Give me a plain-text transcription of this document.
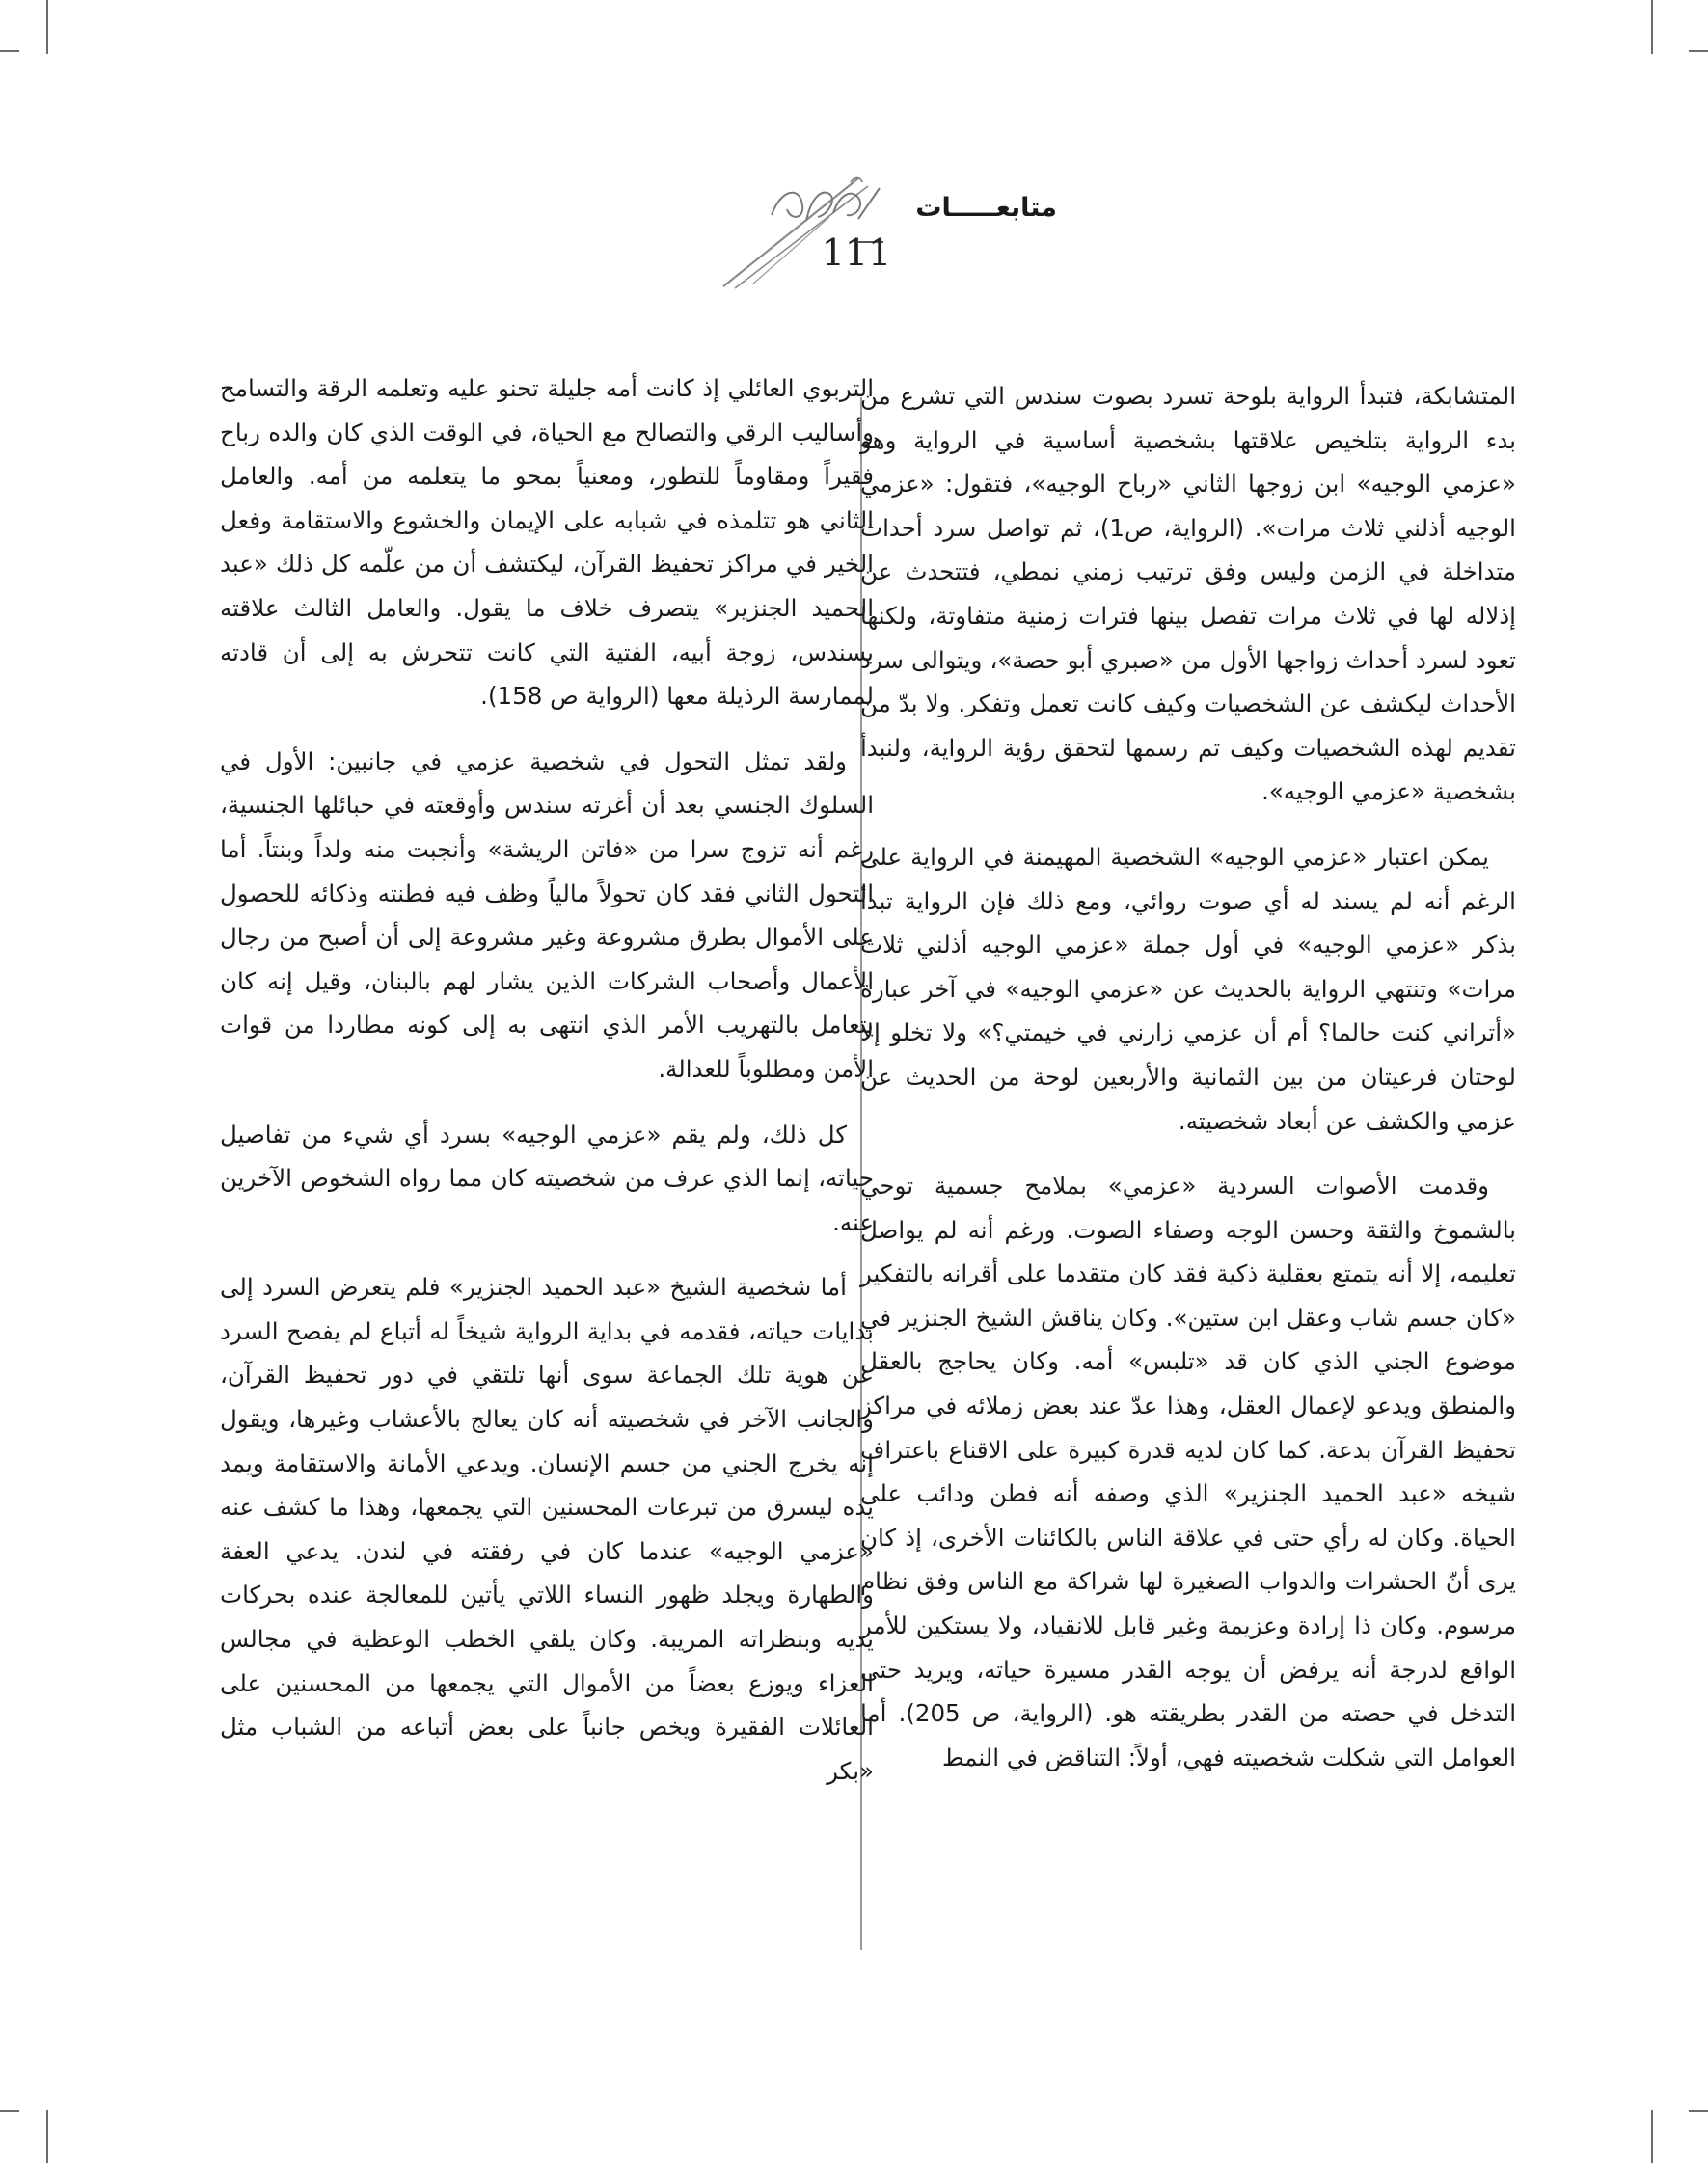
متابعـــــات
111

المتشابكة، فتبدأ الرواية بلوحة تسرد بصوت سندس التي تشرع من بدء الرواية بتلخيص علاقتها بشخصية أساسية في الرواية وهو «عزمي الوجيه» ابن زوجها الثاني «رباح الوجيه»، فتقول: «عزمي الوجيه أذلني ثلاث مرات». (الرواية، ص1)، ثم تواصل سرد أحداث متداخلة في الزمن وليس وفق ترتيب زمني نمطي، فتتحدث عن إذلاله لها في ثلاث مرات تفصل بينها فترات زمنية متفاوتة، ولكنها تعود لسرد أحداث زواجها الأول من «صبري أبو حصة»، ويتوالى سرد الأحداث ليكشف عن الشخصيات وكيف كانت تعمل وتفكر. ولا بدّ من تقديم لهذه الشخصيات وكيف تم رسمها لتحقق رؤية الرواية، ولنبدأ بشخصية «عزمي الوجيه».

يمكن اعتبار «عزمي الوجيه» الشخصية المهيمنة في الرواية على الرغم أنه لم يسند له أي صوت روائي، ومع ذلك فإن الرواية تبدأ بذكر «عزمي الوجيه» في أول جملة «عزمي الوجيه أذلني ثلاث مرات» وتنتهي الرواية بالحديث عن «عزمي الوجيه» في آخر عبارة «أتراني كنت حالما؟ أم أن عزمي زارني في خيمتي؟» ولا تخلو إلا لوحتان فرعيتان من بين الثمانية والأربعين لوحة من الحديث عن عزمي والكشف عن أبعاد شخصيته.

وقدمت الأصوات السردية «عزمي» بملامح جسمية توحي بالشموخ والثقة وحسن الوجه وصفاء الصوت. ورغم أنه لم يواصل تعليمه، إلا أنه يتمتع بعقلية ذكية فقد كان متقدما على أقرانه بالتفكير «كان جسم شاب وعقل ابن ستين». وكان يناقش الشيخ الجنزير في موضوع الجني الذي كان قد «تلبس» أمه. وكان يحاجج بالعقل والمنطق ويدعو لإعمال العقل، وهذا عدّ عند بعض زملائه في مراكز تحفيظ القرآن بدعة. كما كان لديه قدرة كبيرة على الاقناع باعتراف شيخه «عبد الحميد الجنزير» الذي وصفه أنه فطن ودائب على الحياة. وكان له رأي حتى في علاقة الناس بالكائنات الأخرى، إذ كان يرى أنّ الحشرات والدواب الصغيرة لها شراكة مع الناس وفق نظام مرسوم. وكان ذا إرادة وعزيمة وغير قابل للانقياد، ولا يستكين للأمر الواقع لدرجة أنه يرفض أن يوجه القدر مسيرة حياته، ويريد حتى التدخل في حصته من القدر بطريقته هو. (الرواية، ص 205). أما العوامل التي شكلت شخصيته فهي، أولاً: التناقض في النمط

التربوي العائلي إذ كانت أمه جليلة تحنو عليه وتعلمه الرقة والتسامح وأساليب الرقي والتصالح مع الحياة، في الوقت الذي كان والده رباح فقيراً ومقاوماً للتطور، ومعنياً بمحو ما يتعلمه من أمه. والعامل الثاني هو تتلمذه في شبابه على الإيمان والخشوع والاستقامة وفعل الخير في مراكز تحفيظ القرآن، ليكتشف أن من علّمه كل ذلك «عبد الحميد الجنزير» يتصرف خلاف ما يقول. والعامل الثالث علاقته بسندس، زوجة أبيه، الفتية التي كانت تتحرش به إلى أن قادته لممارسة الرذيلة معها (الرواية ص 158).

ولقد تمثل التحول في شخصية عزمي في جانبين: الأول في السلوك الجنسي بعد أن أغرته سندس وأوقعته في حبائلها الجنسية، رغم أنه تزوج سرا من «فاتن الريشة» وأنجبت منه ولداً وبنتاً. أما التحول الثاني فقد كان تحولاً مالياً وظف فيه فطنته وذكائه للحصول على الأموال بطرق مشروعة وغير مشروعة إلى أن أصبح من رجال الأعمال وأصحاب الشركات الذين يشار لهم بالبنان، وقيل إنه كان يتعامل بالتهريب الأمر الذي انتهى به إلى كونه مطاردا من قوات الأمن ومطلوباً للعدالة.

كل ذلك، ولم يقم «عزمي الوجيه» بسرد أي شيء من تفاصيل حياته، إنما الذي عرف من شخصيته كان مما رواه الشخوص الآخرين عنه.

أما شخصية الشيخ «عبد الحميد الجنزير» فلم يتعرض السرد إلى بدايات حياته، فقدمه في بداية الرواية شيخاً له أتباع لم يفصح السرد عن هوية تلك الجماعة سوى أنها تلتقي في دور تحفيظ القرآن، والجانب الآخر في شخصيته أنه كان يعالج بالأعشاب وغيرها، ويقول إنه يخرج الجني من جسم الإنسان. ويدعي الأمانة والاستقامة ويمد يده ليسرق من تبرعات المحسنين التي يجمعها، وهذا ما كشف عنه «عزمي الوجيه» عندما كان في رفقته في لندن. يدعي العفة والطهارة ويجلد ظهور النساء اللاتي يأتين للمعالجة عنده بحركات يديه وبنظراته المريبة. وكان يلقي الخطب الوعظية في مجالس العزاء ويوزع بعضاً من الأموال التي يجمعها من المحسنين على العائلات الفقيرة ويخص جانباً على بعض أتباعه من الشباب مثل «بكر
